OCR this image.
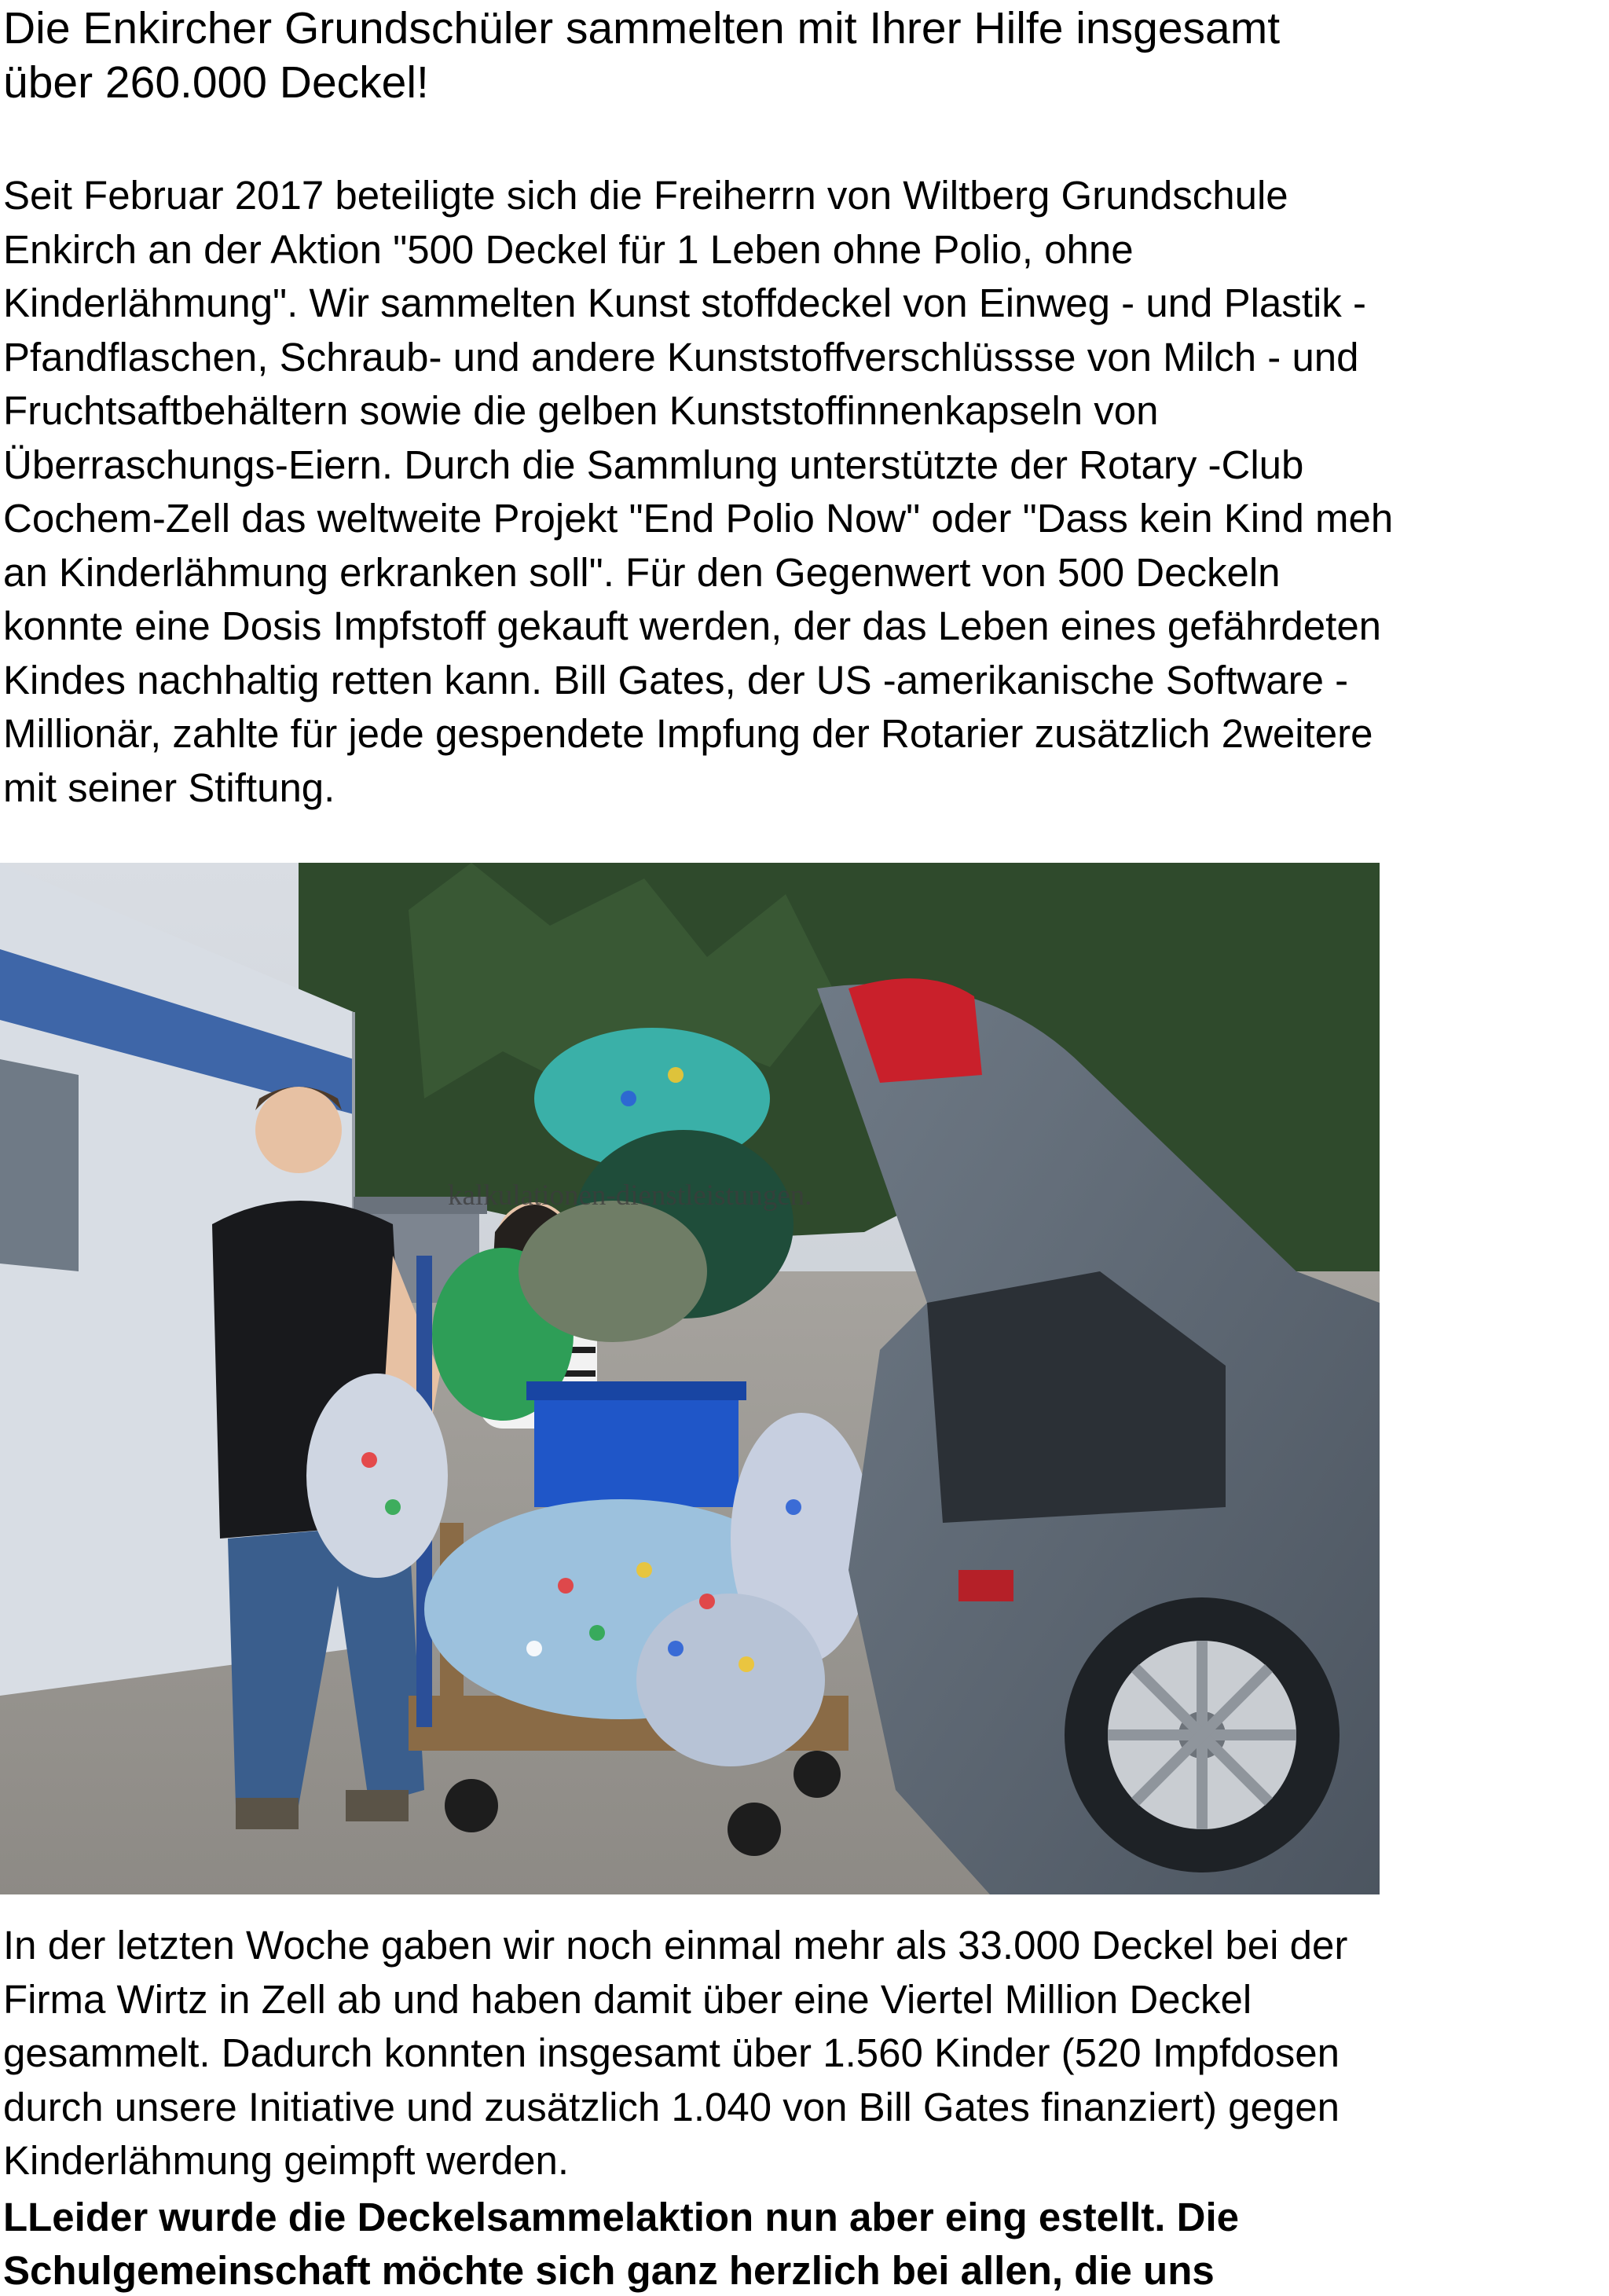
Die Enkircher Grundschüler sammelten mit Ihrer Hilfe insgesamt
über 260.000 Deckel!

Seit Februar 2017 beteiligte sich die Freiherrn von Wiltberg Grundschule
Enkirch an der Aktion "500 Deckel für 1 Leben ohne Polio, ohne
Kinderlähmung". Wir sammelten Kunst stoffdeckel von Einweg - und Plastik -
Pfandflaschen, Schraub- und andere Kunststoffverschlüssse von Milch - und
Fruchtsaftbehältern sowie die gelben Kunststoffinnenkapseln von
Überraschungs-Eiern. Durch die Sammlung unterstützte der Rotary -Club
Cochem-Zell das weltweite Projekt "End Polio Now" oder "Dass kein Kind meh
an Kinderlähmung erkranken soll". Für den Gegenwert von 500 Deckeln
konnte eine Dosis Impfstoff gekauft werden, der das Leben eines gefährdeten
Kindes nachhaltig retten kann. Bill Gates, der US -amerikanische Software -
Millionär, zahlte für jede gespendete Impfung der Rotarier zusätzlich 2weitere
mit seiner Stiftung.

kalkulationen-dienstleistungen.

In der letzten Woche gaben wir noch einmal mehr als 33.000 Deckel bei der
Firma Wirtz in Zell ab und haben damit über eine Viertel Million Deckel
gesammelt. Dadurch konnten insgesamt über 1.560 Kinder (520 Impfdosen
durch unsere Initiative und zusätzlich 1.040 von Bill Gates finanziert) gegen
Kinderlähmung geimpft werden.

LLeider wurde die Deckelsammelaktion nun aber eing estellt. Die
Schulgemeinschaft möchte sich ganz herzlich bei allen, die uns
